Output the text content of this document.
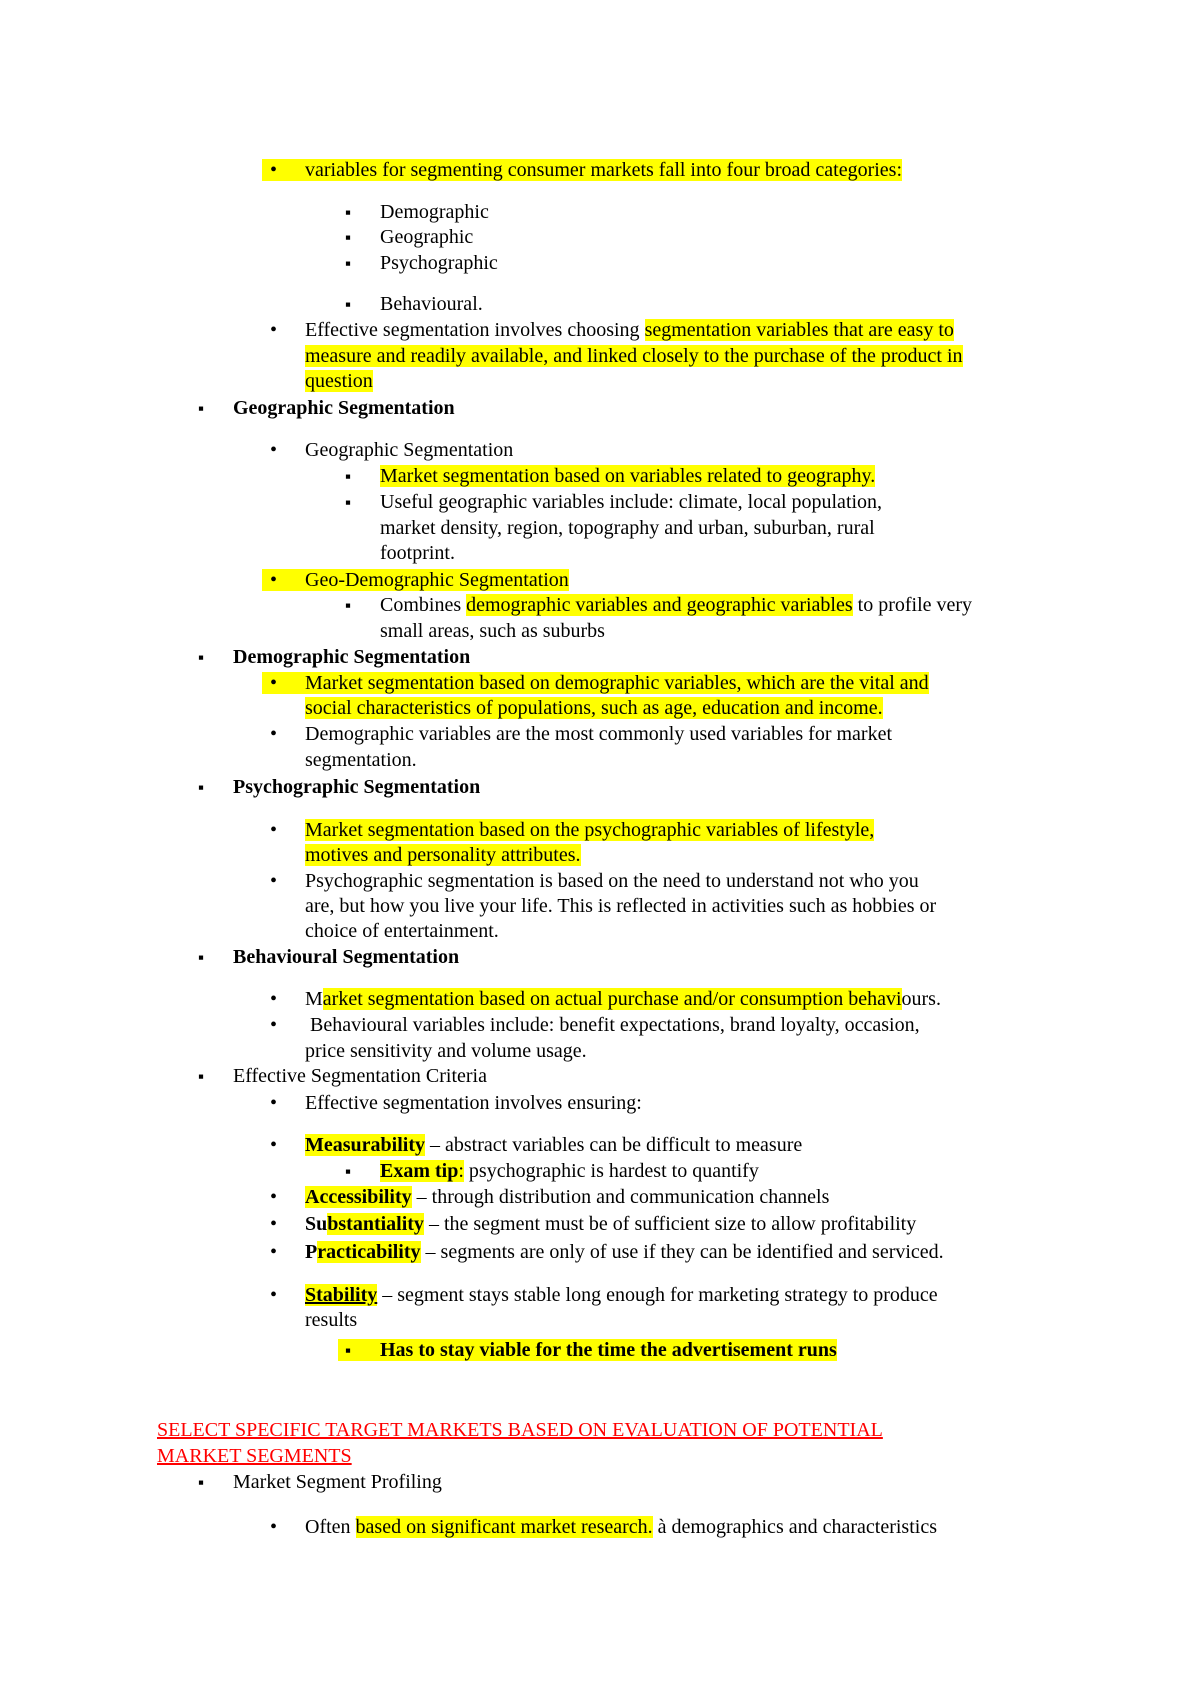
• variables for segmenting consumer markets fall into four broad categories:
▪ Demographic
▪ Geographic
▪ Psychographic
▪ Behavioural.
• Effective segmentation involves choosing segmentation variables that are easy to
measure and readily available, and linked closely to the purchase of the product in
question
▪ Geographic Segmentation
• Geographic Segmentation
▪ Market segmentation based on variables related to geography.
▪ Useful geographic variables include: climate, local population,
market density, region, topography and urban, suburban, rural
footprint.
• Geo-Demographic Segmentation
▪ Combines demographic variables and geographic variables to profile very
small areas, such as suburbs
▪ Demographic Segmentation
• Market segmentation based on demographic variables, which are the vital and
social characteristics of populations, such as age, education and income.
• Demographic variables are the most commonly used variables for market
segmentation.
▪ Psychographic Segmentation
• Market segmentation based on the psychographic variables of lifestyle,
motives and personality attributes.
• Psychographic segmentation is based on the need to understand not who you
are, but how you live your life. This is reflected in activities such as hobbies or
choice of entertainment.
▪ Behavioural Segmentation
• Market segmentation based on actual purchase and/or consumption behaviours.
• Behavioural variables include: benefit expectations, brand loyalty, occasion,
price sensitivity and volume usage.
▪ Effective Segmentation Criteria
• Effective segmentation involves ensuring:
• Measurability – abstract variables can be difficult to measure
▪ Exam tip: psychographic is hardest to quantify
• Accessibility – through distribution and communication channels
• Substantiality – the segment must be of sufficient size to allow profitability
• Practicability – segments are only of use if they can be identified and serviced.
• Stability – segment stays stable long enough for marketing strategy to produce
results
▪ Has to stay viable for the time the advertisement runs
SELECT SPECIFIC TARGET MARKETS BASED ON EVALUATION OF POTENTIAL
MARKET SEGMENTS
▪ Market Segment Profiling
• Often based on significant market research. à demographics and characteristics
